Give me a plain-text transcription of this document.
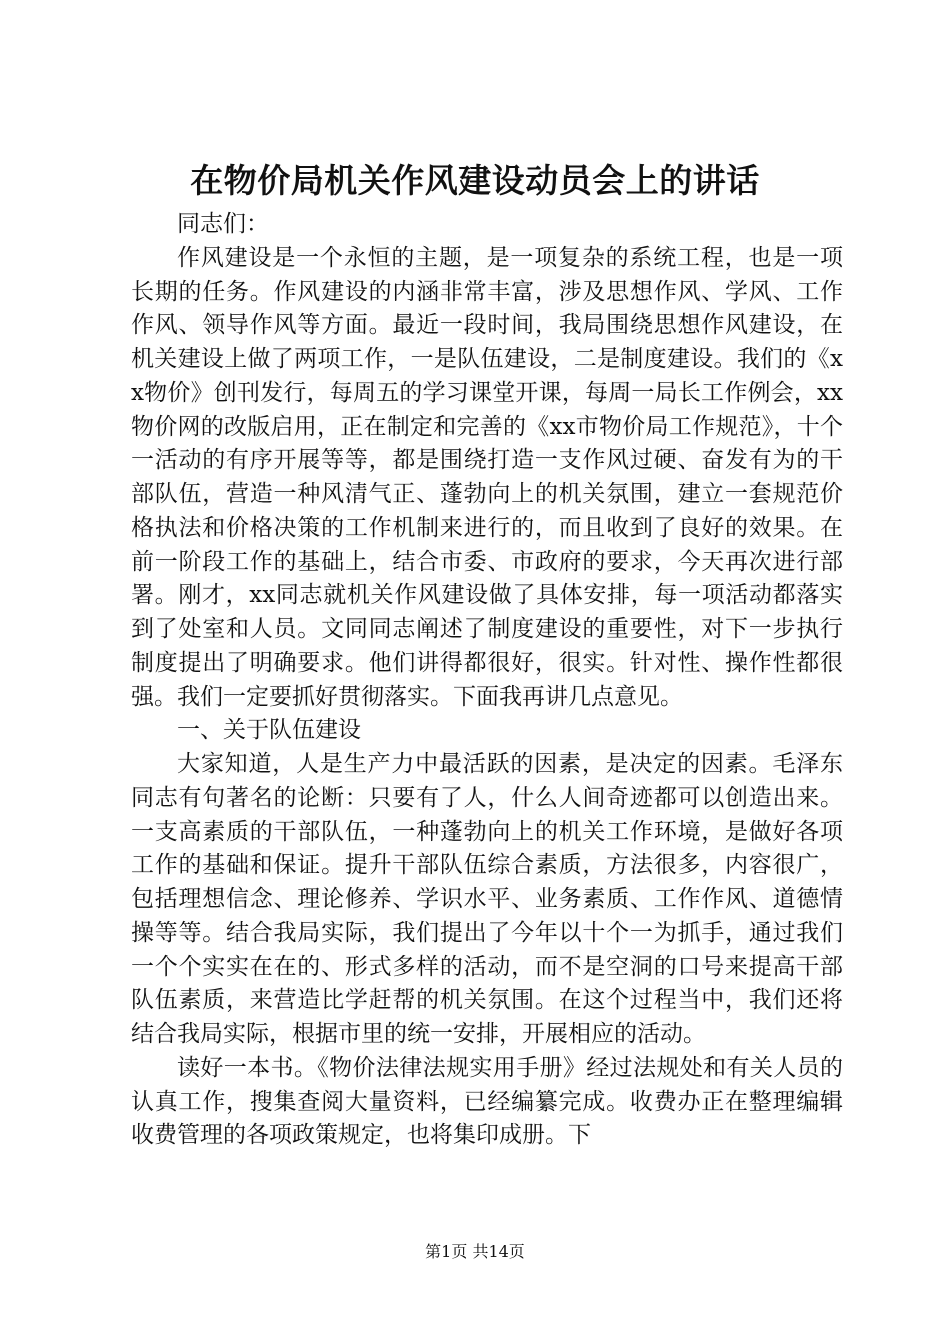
在物价局机关作风建设动员会上的讲话

同志们：

作风建设是一个永恒的主题，是一项复杂的系统工程，也是一项长期的任务。作风建设的内涵非常丰富，涉及思想作风、学风、工作作风、领导作风等方面。最近一段时间，我局围绕思想作风建设，在机关建设上做了两项工作，一是队伍建设，二是制度建设。我们的《xx物价》创刊发行，每周五的学习课堂开课，每周一局长工作例会，xx物价网的改版启用，正在制定和完善的《xx市物价局工作规范》，十个一活动的有序开展等等，都是围绕打造一支作风过硬、奋发有为的干部队伍，营造一种风清气正、蓬勃向上的机关氛围，建立一套规范价格执法和价格决策的工作机制来进行的，而且收到了良好的效果。在前一阶段工作的基础上，结合市委、市政府的要求，今天再次进行部署。刚才，xx同志就机关作风建设做了具体安排，每一项活动都落实到了处室和人员。文同同志阐述了制度建设的重要性，对下一步执行制度提出了明确要求。他们讲得都很好，很实。针对性、操作性都很强。我们一定要抓好贯彻落实。下面我再讲几点意见。

一、关于队伍建设

大家知道，人是生产力中最活跃的因素，是决定的因素。毛泽东同志有句著名的论断：只要有了人，什么人间奇迹都可以创造出来。一支高素质的干部队伍，一种蓬勃向上的机关工作环境，是做好各项工作的基础和保证。提升干部队伍综合素质，方法很多，内容很广，包括理想信念、理论修养、学识水平、业务素质、工作作风、道德情操等等。结合我局实际，我们提出了今年以十个一为抓手，通过我们一个个实实在在的、形式多样的活动，而不是空洞的口号来提高干部队伍素质，来营造比学赶帮的机关氛围。在这个过程当中，我们还将结合我局实际，根据市里的统一安排，开展相应的活动。

读好一本书。《物价法律法规实用手册》经过法规处和有关人员的认真工作，搜集查阅大量资料，已经编纂完成。收费办正在整理编辑收费管理的各项政策规定，也将集印成册。下

第1页 共14页
